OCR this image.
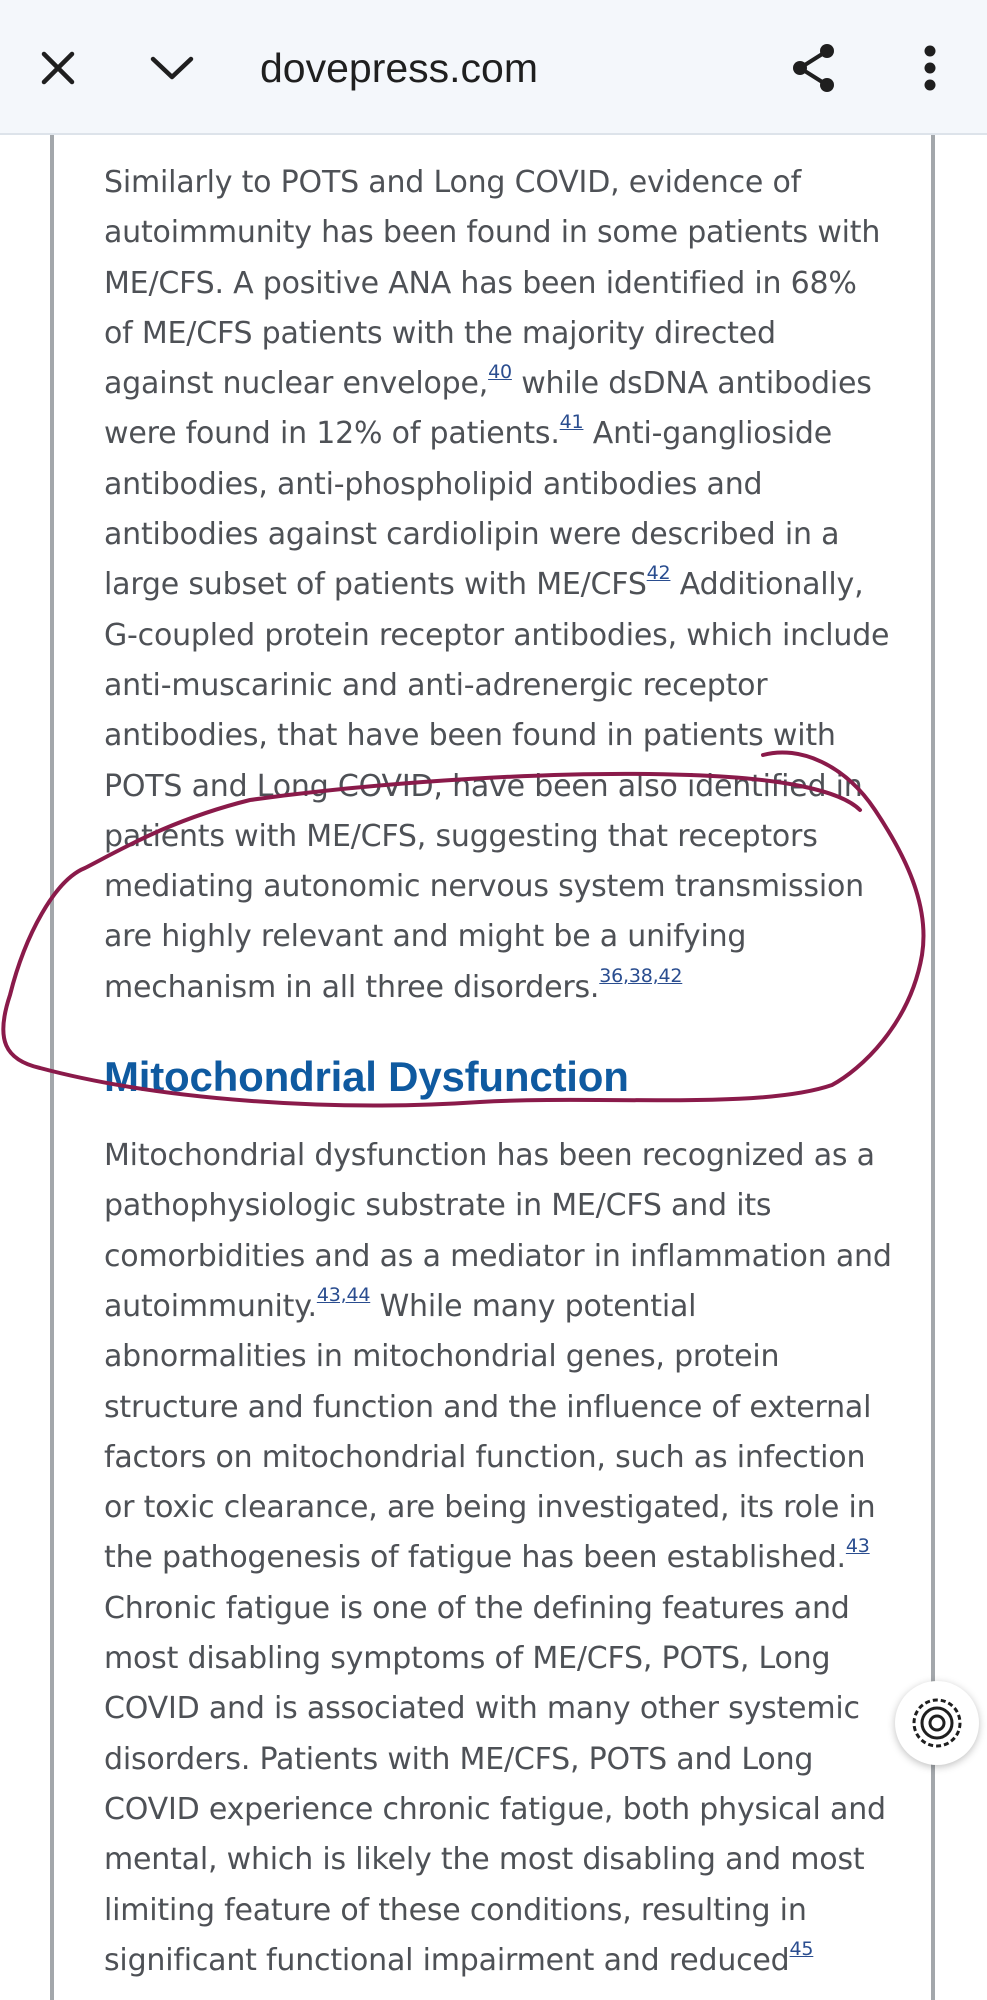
dovepress.com

Similarly to POTS and Long COVID, evidence of autoimmunity has been found in some patients with ME/CFS. A positive ANA has been identified in 68% of ME/CFS patients with the majority directed against nuclear envelope,$^{40}$ while dsDNA antibodies were found in 12% of patients.$^{41}$ Anti-ganglioside antibodies, anti-phospholipid antibodies and antibodies against cardiolipin were described in a large subset of patients with ME/CFS$^{42}$ Additionally, G-coupled protein receptor antibodies, which include anti-muscarinic and anti-adrenergic receptor antibodies, that have been found in patients with POTS and Long COVID, have been also identified in patients with ME/CFS, suggesting that receptors mediating autonomic nervous system transmission are highly relevant and might be a unifying mechanism in all three disorders.$^{36,38,42}$

Mitochondrial Dysfunction

Mitochondrial dysfunction has been recognized as a pathophysiologic substrate in ME/CFS and its comorbidities and as a mediator in inflammation and autoimmunity.$^{43,44}$ While many potential abnormalities in mitochondrial genes, protein structure and function and the influence of external factors on mitochondrial function, such as infection or toxic clearance, are being investigated, its role in the pathogenesis of fatigue has been established.$^{43}$ Chronic fatigue is one of the defining features and most disabling symptoms of ME/CFS, POTS, Long COVID and is associated with many other systemic disorders. Patients with ME/CFS, POTS and Long COVID experience chronic fatigue, both physical and mental, which is likely the most disabling and most limiting feature of these conditions, resulting in significant functional impairment and reduced$^{45}$
